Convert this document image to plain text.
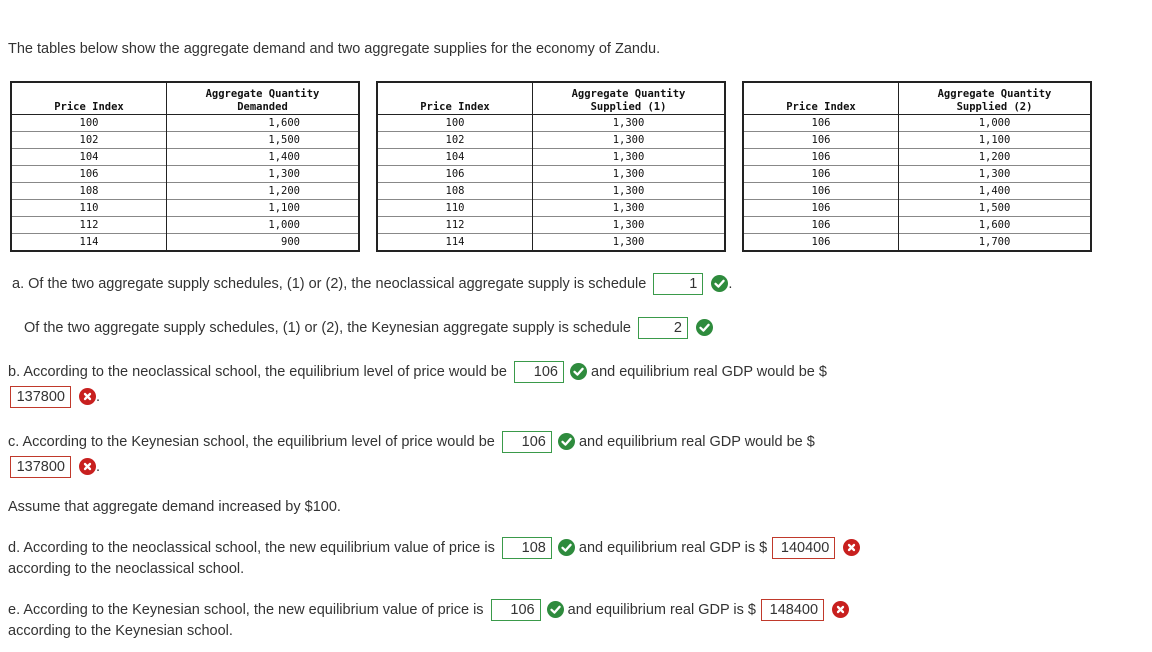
The tables below show the aggregate demand and two aggregate supplies for the economy of Zandu.
Price Index	Aggregate Quantity
Demanded
100	1,600
102	1,500
104	1,400
106	1,300
108	1,200
110	1,100
112	1,000
114	900
Price Index	Aggregate Quantity
Supplied (1)
100	1,300
102	1,300
104	1,300
106	1,300
108	1,300
110	1,300
112	1,300
114	1,300
Price Index	Aggregate Quantity
Supplied (2)
106	1,000
106	1,100
106	1,200
106	1,300
106	1,400
106	1,500
106	1,600
106	1,700
a. Of the two aggregate supply schedules, (1) or (2), the neoclassical aggregate supply is schedule	1 .
Of the two aggregate supply schedules, (1) or (2), the Keynesian aggregate supply is schedule	2
b. According to the neoclassical school, the equilibrium level of price would be 106 and equilibrium real GDP would be $
137800 .
c. According to the Keynesian school, the equilibrium level of price would be 106 and equilibrium real GDP would be $
137800 .
Assume that aggregate demand increased by $100.
d. According to the neoclassical school, the new equilibrium value of price is 108 and equilibrium real GDP is $ 140400
according to the neoclassical school.
e. According to the Keynesian school, the new equilibrium value of price is 106 and equilibrium real GDP is $ 148400
according to the Keynesian school.
